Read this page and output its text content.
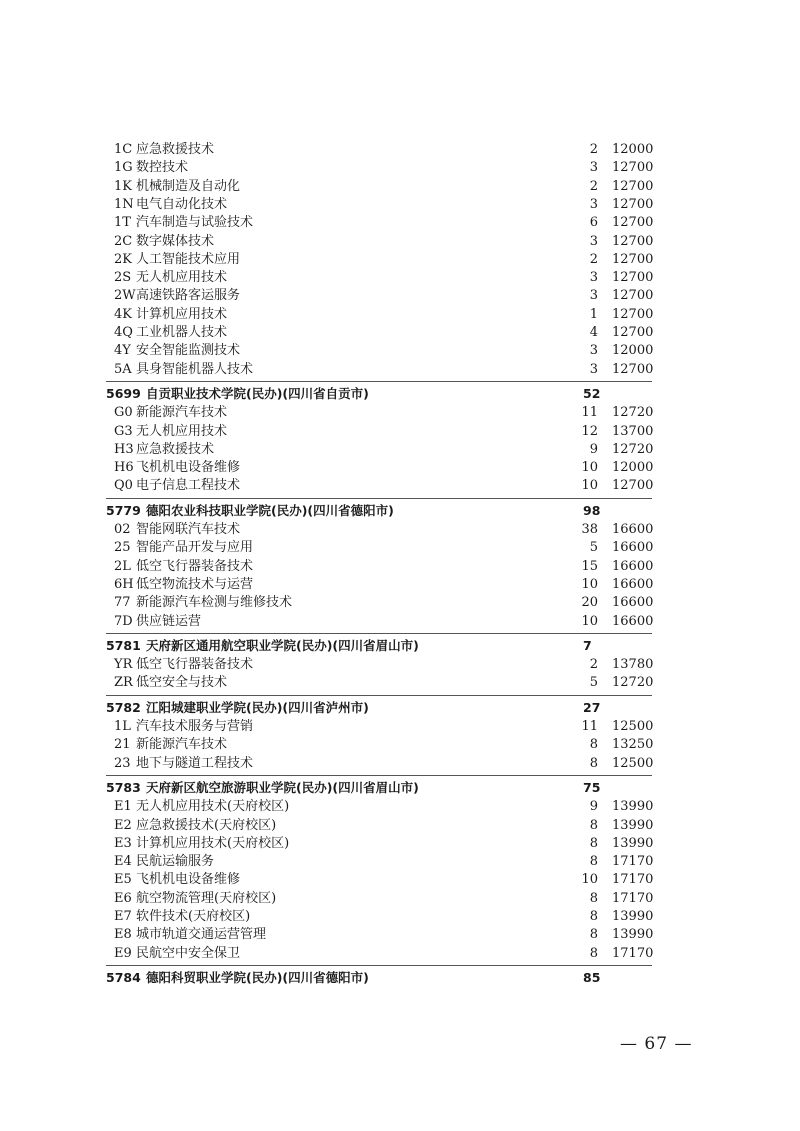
1C 应急救援技术	2 12000
1G 数控技术	3 12700
1K 机械制造及自动化	2 12700
1N 电气自动化技术	3 12700
1T 汽车制造与试验技术	6 12700
2C 数字媒体技术	3 12700
2K 人工智能技术应用	2 12700
2S 无人机应用技术	3 12700
2W 高速铁路客运服务	3 12700
4K 计算机应用技术	1 12700
4Q 工业机器人技术	4 12700
4Y 安全智能监测技术	3 12000
5A 具身智能机器人技术	3 12700
5699 自贡职业技术学院(民办)(四川省自贡市)	52
G0 新能源汽车技术	11 12720
G3 无人机应用技术	12 13700
H3 应急救援技术	9 12720
H6 飞机机电设备维修	10 12000
Q0 电子信息工程技术	10 12700
5779 德阳农业科技职业学院(民办)(四川省德阳市)	98
02 智能网联汽车技术	38 16600
25 智能产品开发与应用	5 16600
2L 低空飞行器装备技术	15 16600
6H 低空物流技术与运营	10 16600
77 新能源汽车检测与维修技术	20 16600
7D 供应链运营	10 16600
5781 天府新区通用航空职业学院(民办)(四川省眉山市)	7
YR 低空飞行器装备技术	2 13780
ZR 低空安全与技术	5 12720
5782 江阳城建职业学院(民办)(四川省泸州市)	27
1L 汽车技术服务与营销	11 12500
21 新能源汽车技术	8 13250
23 地下与隧道工程技术	8 12500
5783 天府新区航空旅游职业学院(民办)(四川省眉山市)	75
E1 无人机应用技术(天府校区)	9 13990
E2 应急救援技术(天府校区)	8 13990
E3 计算机应用技术(天府校区)	8 13990
E4 民航运输服务	8 17170
E5 飞机机电设备维修	10 17170
E6 航空物流管理(天府校区)	8 17170
E7 软件技术(天府校区)	8 13990
E8 城市轨道交通运营管理	8 13990
E9 民航空中安全保卫	8 17170
5784 德阳科贸职业学院(民办)(四川省德阳市)	85
— 67 —
